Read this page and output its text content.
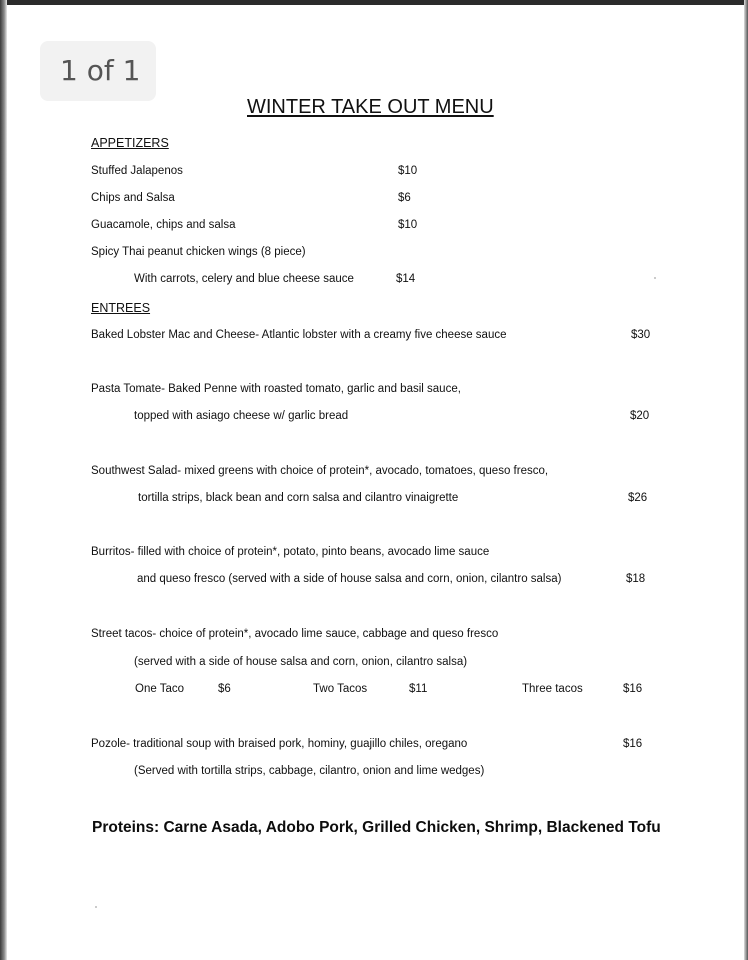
1 of 1
WINTER TAKE OUT MENU
APPETIZERS
Stuffed Jalapenos	$10
Chips and Salsa	$6
Guacamole, chips and salsa	$10
Spicy Thai peanut chicken wings (8 piece)
With carrots, celery and blue cheese sauce	$14
ENTREES
Baked Lobster Mac and Cheese- Atlantic lobster with a creamy five cheese sauce	$30
Pasta Tomate- Baked Penne with roasted tomato, garlic and basil sauce,
topped with asiago cheese w/ garlic bread	$20
Southwest Salad- mixed greens with choice of protein*, avocado, tomatoes, queso fresco,
tortilla strips, black bean and corn salsa and cilantro vinaigrette	$26
Burritos- filled with choice of protein*, potato, pinto beans, avocado lime sauce
and queso fresco (served with a side of house salsa and corn, onion, cilantro salsa)	$18
Street tacos- choice of protein*, avocado lime sauce, cabbage and queso fresco
(served with a side of house salsa and corn, onion, cilantro salsa)
One Taco	$6	Two Tacos	$11	Three tacos	$16
Pozole- traditional soup with braised pork, hominy, guajillo chiles, oregano	$16
(Served with tortilla strips, cabbage, cilantro, onion and lime wedges)
Proteins: Carne Asada, Adobo Pork, Grilled Chicken, Shrimp, Blackened Tofu
